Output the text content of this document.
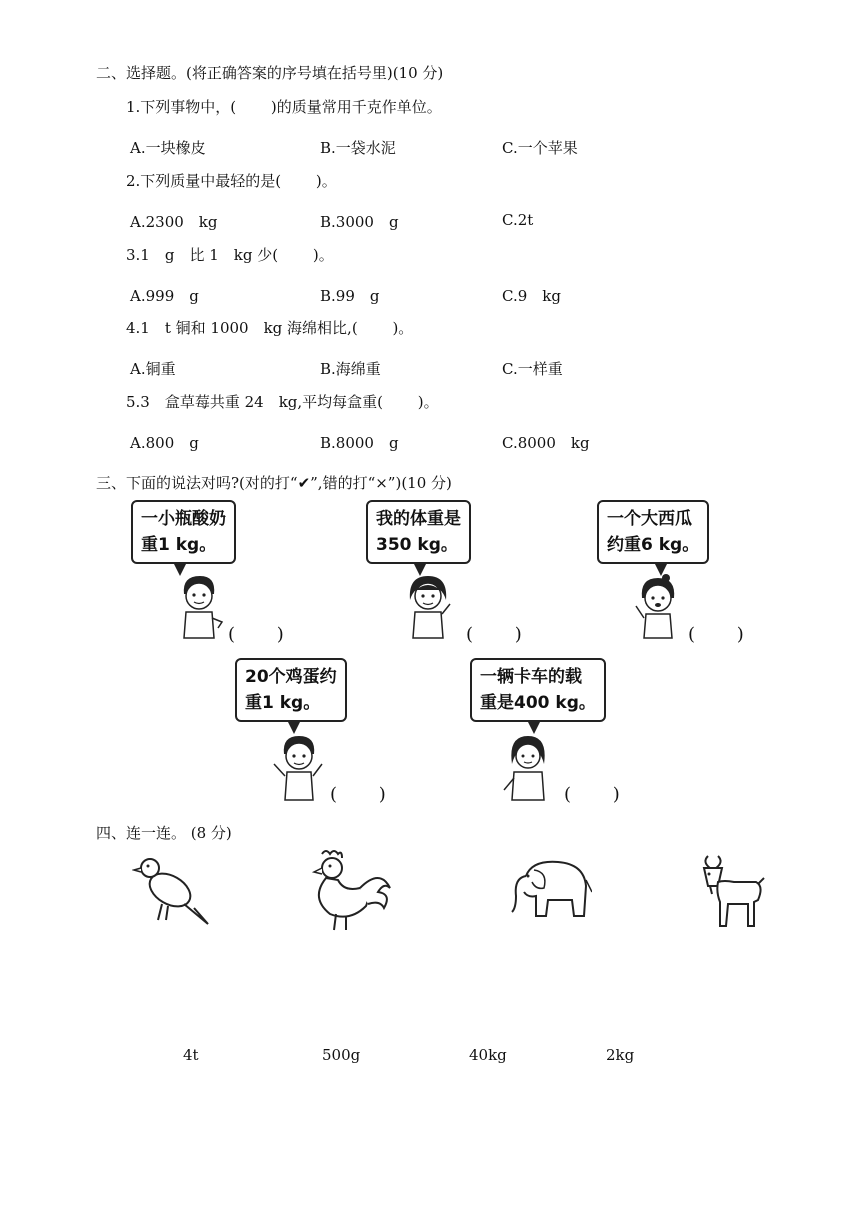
二、选择题。(将正确答案的序号填在括号里)(10 分)
1.下列事物中，(　　 )的质量常用千克作单位。
A.一块橡皮	B.一袋水泥	C.一个苹果
2.下列质量中最轻的是(　　 )。
A.2300　kg	B.3000　g	C.2t
3.1　g　比 1　kg 少(　　 )。
A.999　g	B.99　g	C.9　kg
4.1　t 铜和 1000　kg 海绵相比,(　　 )。
A.铜重	B.海绵重	C.一样重
5.3　盒草莓共重 24　kg,平均每盒重(　　 )。
A.800　g	B.8000　g	C.8000　kg
三、下面的说法对吗?(对的打“✔”,错的打“×”)(10 分)
一小瓶酸奶
重1 kg。
(　　 )
我的体重是
350 kg。
(　　 )
一个大西瓜
约重6 kg。
(　　 )
20个鸡蛋约
重1 kg。
(　　 )
一辆卡车的载
重是400 kg。
(　　 )
四、连一连。 (8 分)
4t	500g	40kg	2kg
